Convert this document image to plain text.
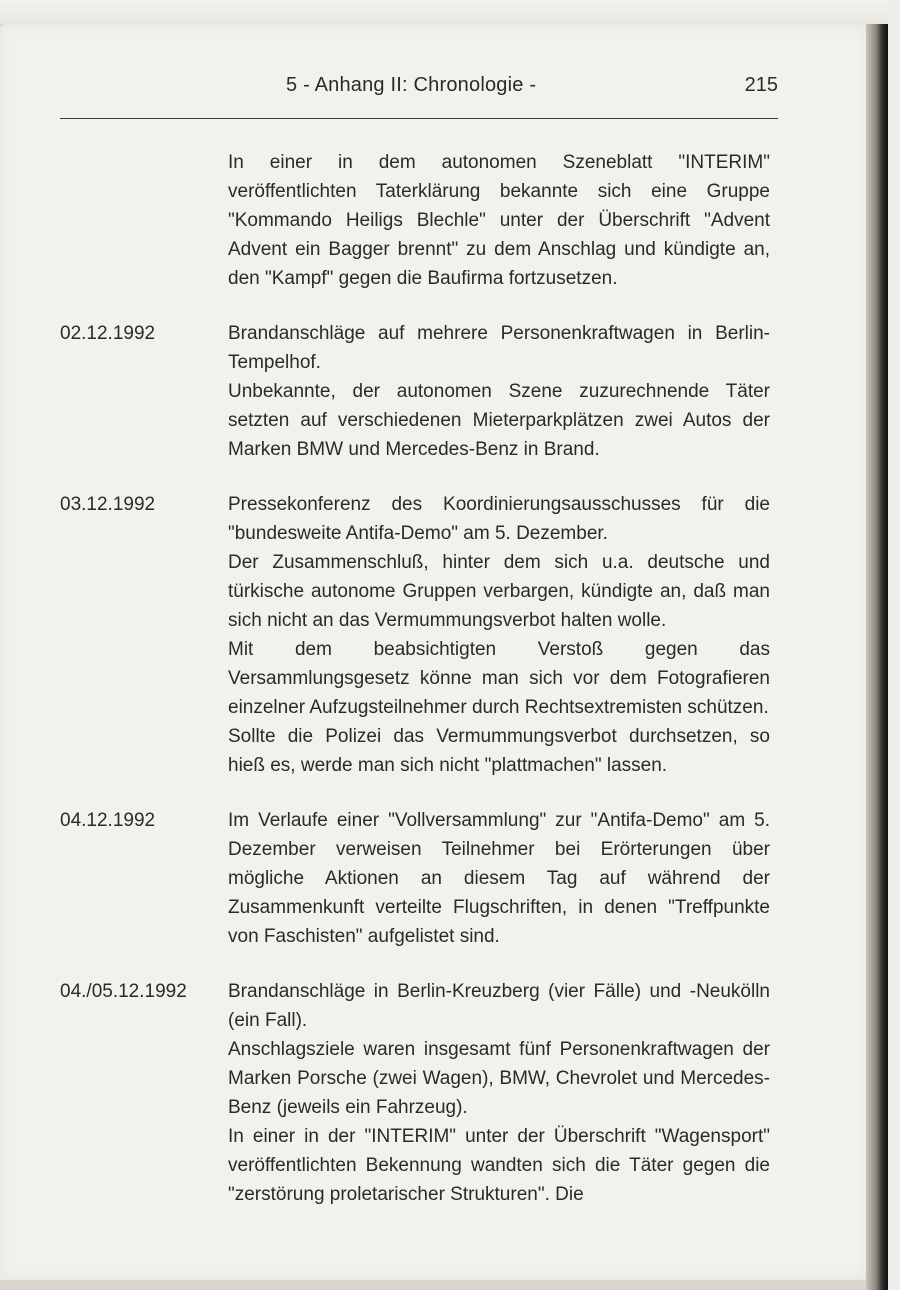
5 - Anhang II: Chronologie -	215

In einer in dem autonomen Szeneblatt "INTERIM" veröffentlichten Taterklärung bekannte sich eine Gruppe "Kommando Heiligs Blechle" unter der Überschrift "Advent Advent ein Bagger brennt" zu dem Anschlag und kündigte an, den "Kampf" gegen die Baufirma fortzusetzen.

02.12.1992	Brandanschläge auf mehrere Personenkraftwagen in Berlin-Tempelhof.

Unbekannte, der autonomen Szene zuzurechnende Täter setzten auf verschiedenen Mieterparkplätzen zwei Autos der Marken BMW und Mercedes-Benz in Brand.

03.12.1992	Pressekonferenz des Koordinierungsausschusses für die "bundesweite Antifa-Demo" am 5. Dezember.

Der Zusammenschluß, hinter dem sich u.a. deutsche und türkische autonome Gruppen verbargen, kündigte an, daß man sich nicht an das Vermummungsverbot halten wolle.

Mit dem beabsichtigten Verstoß gegen das Versammlungsgesetz könne man sich vor dem Fotografieren einzelner Aufzugsteilnehmer durch Rechtsextremisten schützen.

Sollte die Polizei das Vermummungsverbot durchsetzen, so hieß es, werde man sich nicht "plattmachen" lassen.

04.12.1992	Im Verlaufe einer "Vollversammlung" zur "Antifa-Demo" am 5. Dezember verweisen Teilnehmer bei Erörterungen über mögliche Aktionen an diesem Tag auf während der Zusammenkunft verteilte Flugschriften, in denen "Treffpunkte von Faschisten" aufgelistet sind.

04./05.12.1992	Brandanschläge in Berlin-Kreuzberg (vier Fälle) und -Neukölln (ein Fall).

Anschlagsziele waren insgesamt fünf Personenkraftwagen der Marken Porsche (zwei Wagen), BMW, Chevrolet und Mercedes-Benz (jeweils ein Fahrzeug).

In einer in der "INTERIM" unter der Überschrift "Wagensport" veröffentlichten Bekennung wandten sich die Täter gegen die "zerstörung proletarischer Strukturen". Die
